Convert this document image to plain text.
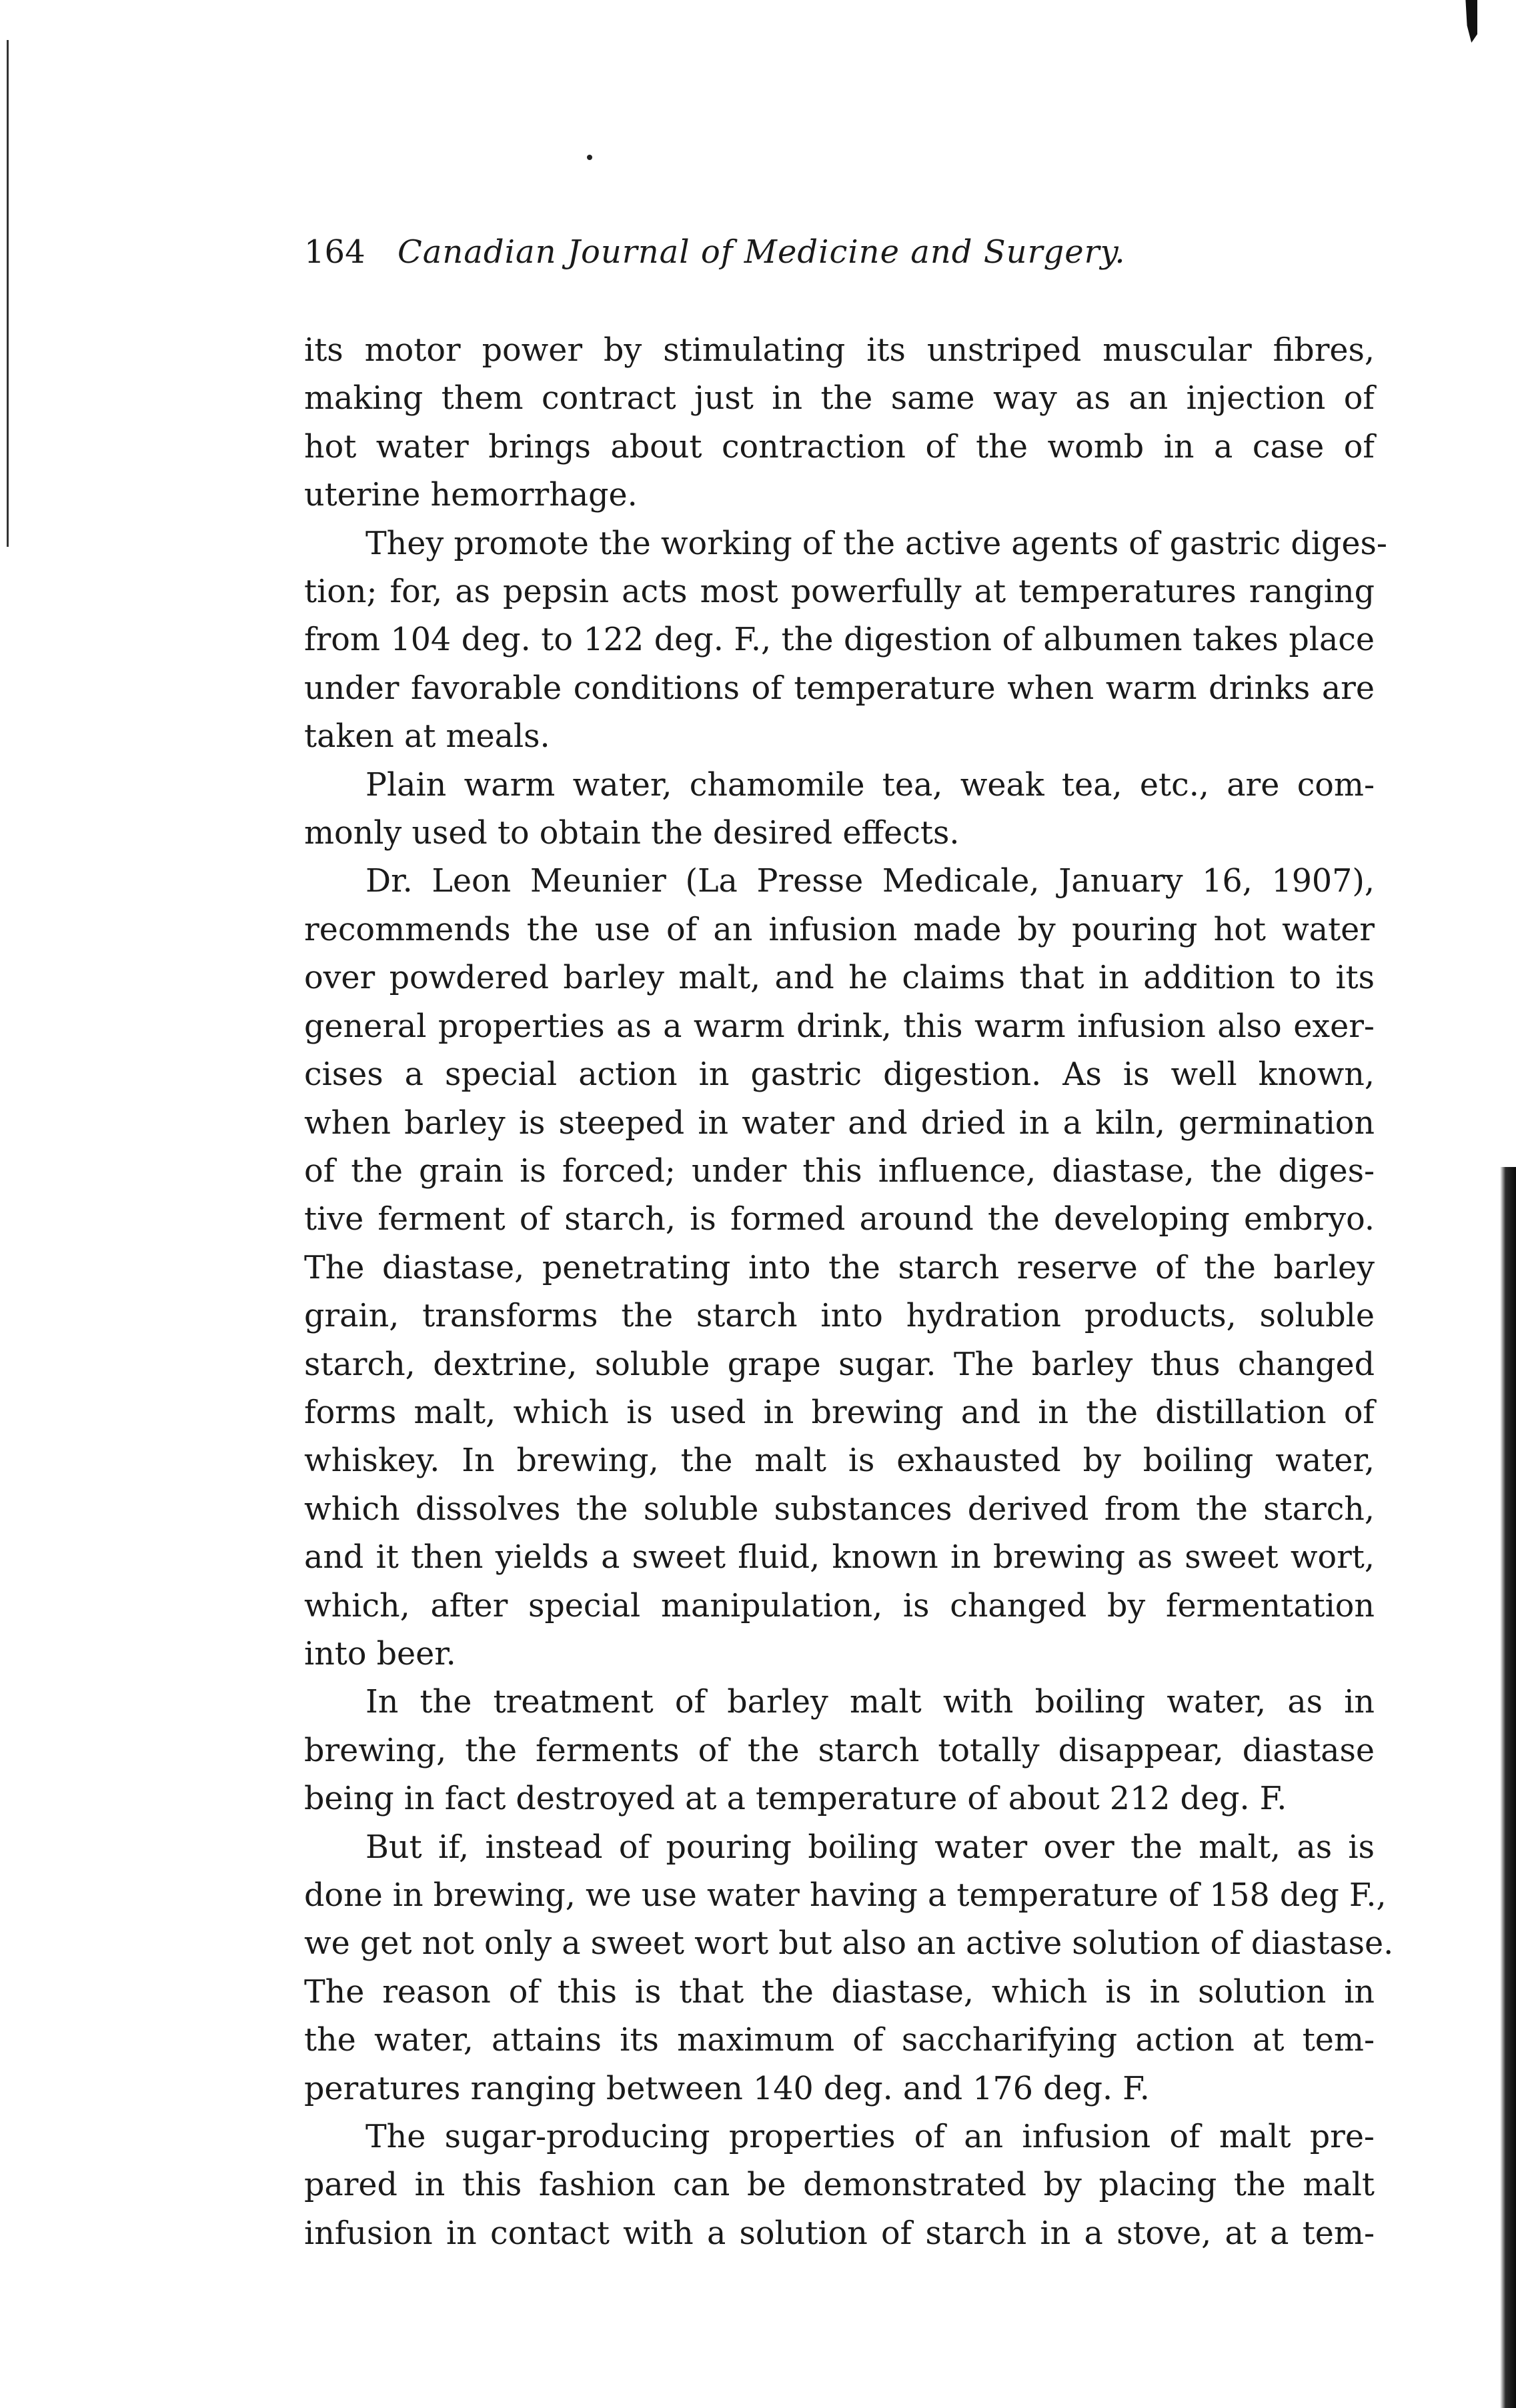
164	Canadian Journal of Medicine and Surgery.
its motor power by stimulating its unstriped muscular fibres,
making them contract just in the same way as an injection of
hot water brings about contraction of the womb in a case of
uterine hemorrhage.
They promote the working of the active agents of gastric diges-
tion; for, as pepsin acts most powerfully at temperatures ranging
from 104 deg. to 122 deg. F., the digestion of albumen takes place
under favorable conditions of temperature when warm drinks are
taken at meals.
Plain warm water, chamomile tea, weak tea, etc., are com-
monly used to obtain the desired effects.
Dr. Leon Meunier (La Presse Medicale, January 16, 1907),
recommends the use of an infusion made by pouring hot water
over powdered barley malt, and he claims that in addition to its
general properties as a warm drink, this warm infusion also exer-
cises a special action in gastric digestion. As is well known,
when barley is steeped in water and dried in a kiln, germination
of the grain is forced; under this influence, diastase, the diges-
tive ferment of starch, is formed around the developing embryo.
The diastase, penetrating into the starch reserve of the barley
grain, transforms the starch into hydration products, soluble
starch, dextrine, soluble grape sugar. The barley thus changed
forms malt, which is used in brewing and in the distillation of
whiskey. In brewing, the malt is exhausted by boiling water,
which dissolves the soluble substances derived from the starch,
and it then yields a sweet fluid, known in brewing as sweet wort,
which, after special manipulation, is changed by fermentation
into beer.
In the treatment of barley malt with boiling water, as in
brewing, the ferments of the starch totally disappear, diastase
being in fact destroyed at a temperature of about 212 deg. F.
But if, instead of pouring boiling water over the malt, as is
done in brewing, we use water having a temperature of 158 deg F.,
we get not only a sweet wort but also an active solution of diastase.
The reason of this is that the diastase, which is in solution in
the water, attains its maximum of saccharifying action at tem-
peratures ranging between 140 deg. and 176 deg. F.
The sugar-producing properties of an infusion of malt pre-
pared in this fashion can be demonstrated by placing the malt
infusion in contact with a solution of starch in a stove, at a tem-
